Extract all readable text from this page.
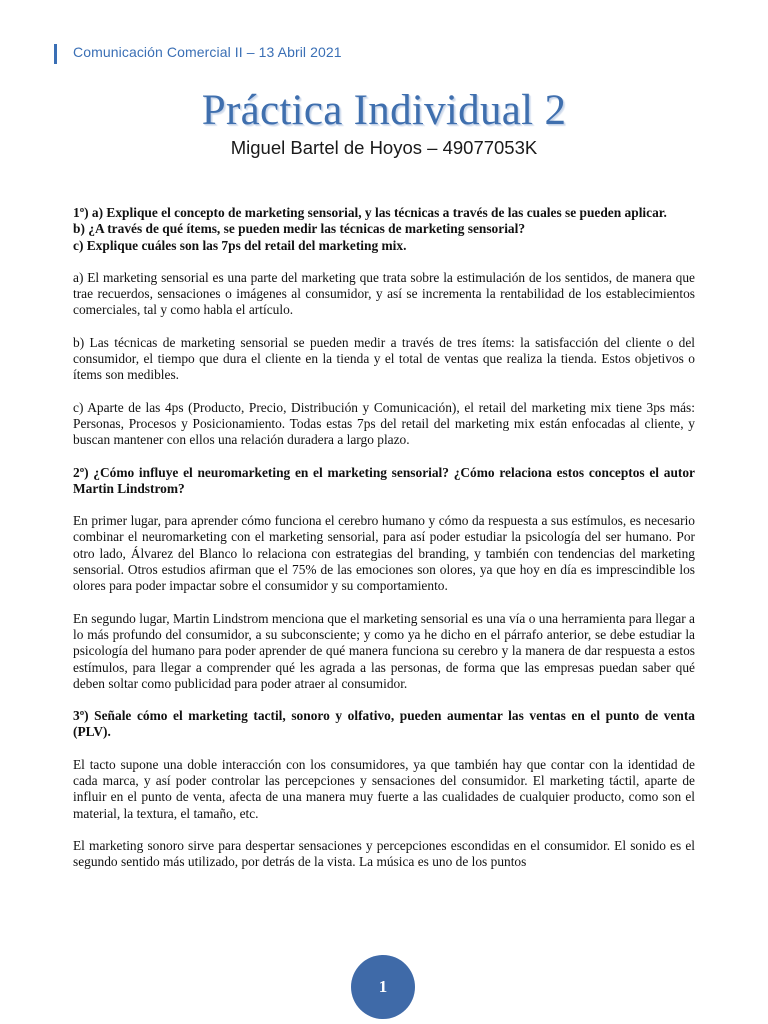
Comunicación Comercial II – 13 Abril 2021
Práctica Individual 2
Miguel Bartel de Hoyos – 49077053K

1º) a) Explique el concepto de marketing sensorial, y las técnicas a través de las cuales se pueden aplicar.

b) ¿A través de qué ítems, se pueden medir las técnicas de marketing sensorial?

c) Explique cuáles son las 7ps del retail del marketing mix.

a) El marketing sensorial es una parte del marketing que trata sobre la estimulación de los sentidos, de manera que trae recuerdos, sensaciones o imágenes al consumidor, y así se incrementa la rentabilidad de los establecimientos comerciales, tal y como habla el artículo.

b) Las técnicas de marketing sensorial se pueden medir a través de tres ítems: la satisfacción del cliente o del consumidor, el tiempo que dura el cliente en la tienda y el total de ventas que realiza la tienda. Estos objetivos o ítems son medibles.

c) Aparte de las 4ps (Producto, Precio, Distribución y Comunicación), el retail del marketing mix tiene 3ps más: Personas, Procesos y Posicionamiento. Todas estas 7ps del retail del marketing mix están enfocadas al cliente, y buscan mantener con ellos una relación duradera a largo plazo.

2º) ¿Cómo influye el neuromarketing en el marketing sensorial? ¿Cómo relaciona estos conceptos el autor Martin Lindstrom?

En primer lugar, para aprender cómo funciona el cerebro humano y cómo da respuesta a sus estímulos, es necesario combinar el neuromarketing con el marketing sensorial, para así poder estudiar la psicología del ser humano. Por otro lado, Álvarez del Blanco lo relaciona con estrategias del branding, y también con tendencias del marketing sensorial. Otros estudios afirman que el 75% de las emociones son olores, ya que hoy en día es imprescindible los olores para poder impactar sobre el consumidor y su comportamiento.

En segundo lugar, Martin Lindstrom menciona que el marketing sensorial es una vía o una herramienta para llegar a lo más profundo del consumidor, a su subconsciente; y como ya he dicho en el párrafo anterior, se debe estudiar la psicología del humano para poder aprender de qué manera funciona su cerebro y la manera de dar respuesta a estos estímulos, para llegar a comprender qué les agrada a las personas, de forma que las empresas puedan saber qué deben soltar como publicidad para poder atraer al consumidor.

3º) Señale cómo el marketing tactil, sonoro y olfativo, pueden aumentar las ventas en el punto de venta (PLV).

El tacto supone una doble interacción con los consumidores, ya que también hay que contar con la identidad de cada marca, y así poder controlar las percepciones y sensaciones del consumidor. El marketing táctil, aparte de influir en el punto de venta, afecta de una manera muy fuerte a las cualidades de cualquier producto, como son el material, la textura, el tamaño, etc.

El marketing sonoro sirve para despertar sensaciones y percepciones escondidas en el consumidor. El sonido es el segundo sentido más utilizado, por detrás de la vista. La música es uno de los puntos

1
